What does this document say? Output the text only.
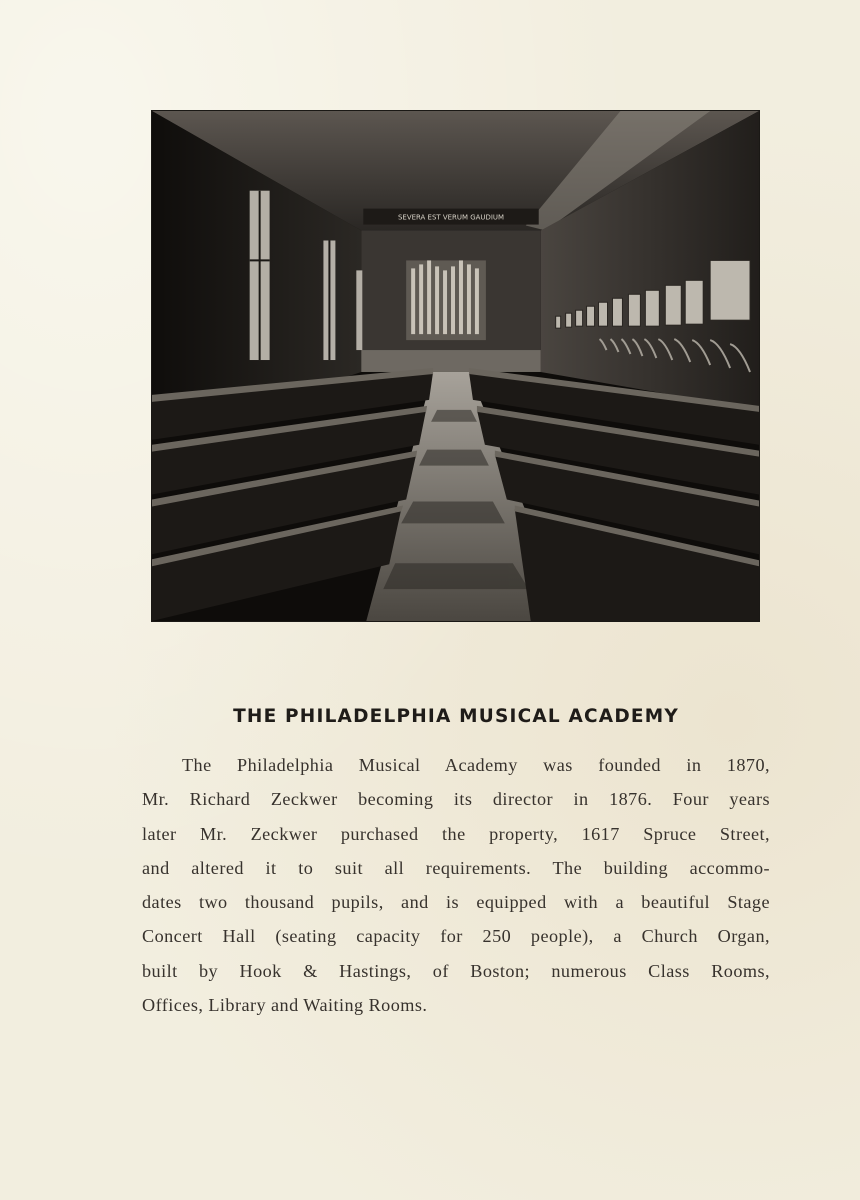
SEVERA EST VERUM GAUDIUM
THE PHILADELPHIA MUSICAL ACADEMY
The Philadelphia Musical Academy was founded in 1870,
Mr. Richard Zeckwer becoming its director in 1876. Four years
later Mr. Zeckwer purchased the property, 1617 Spruce Street,
and altered it to suit all requirements. The building accommo-
dates two thousand pupils, and is equipped with a beautiful Stage
Concert Hall (seating capacity for 250 people), a Church Organ,
built by Hook & Hastings, of Boston; numerous Class Rooms,
Offices, Library and Waiting Rooms.
